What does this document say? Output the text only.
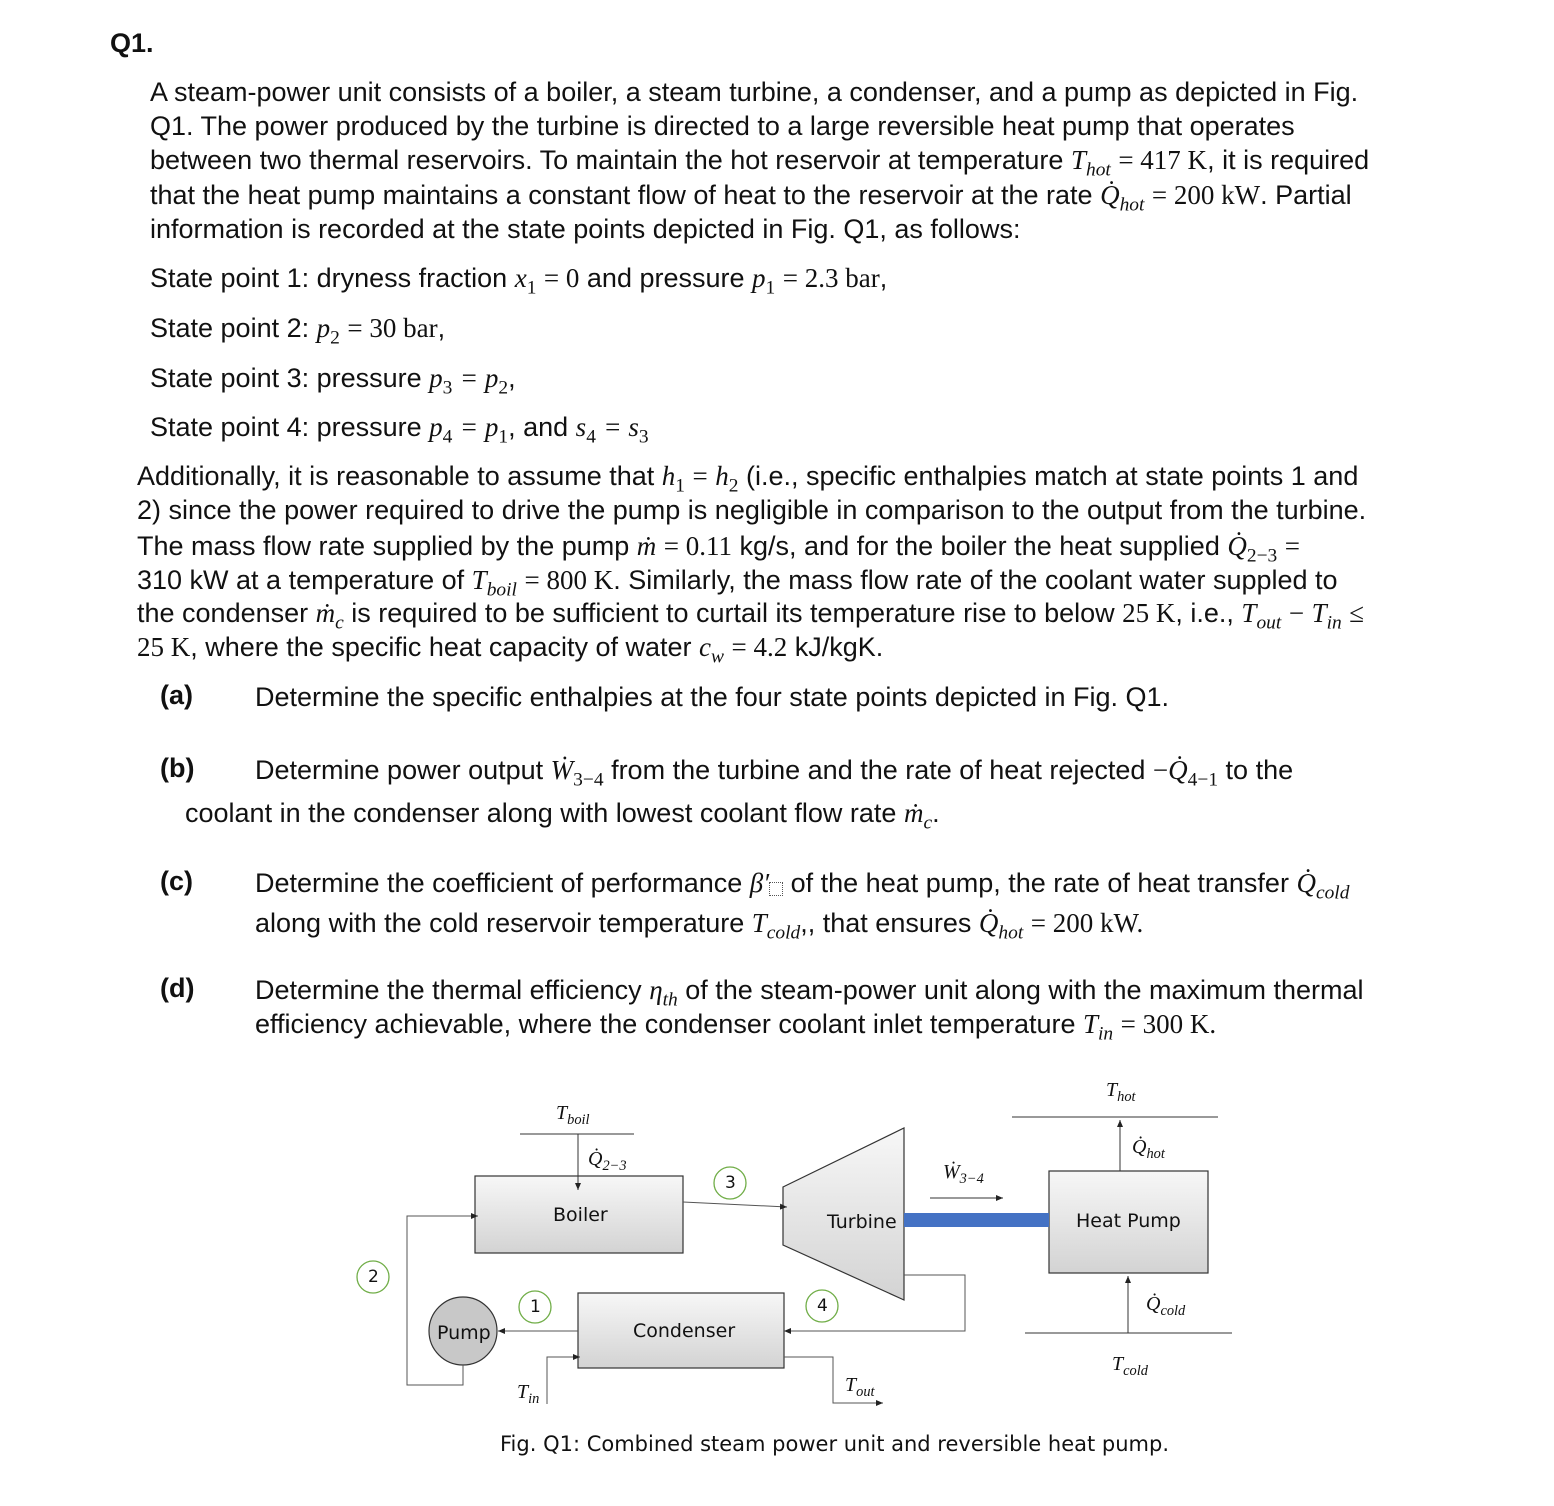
Q1.
A steam-power unit consists of a boiler, a steam turbine, a condenser, and a pump as depicted in Fig.
Q1. The power produced by the turbine is directed to a large reversible heat pump that operates
between two thermal reservoirs. To maintain the hot reservoir at temperature $T_{hot} = 417$ K, it is required
that the heat pump maintains a constant flow of heat to the reservoir at the rate $Q̇_{hot} = 200$ kW. Partial
information is recorded at the state points depicted in Fig. Q1, as follows:
State point 1: dryness fraction $x_1 = 0$ and pressure $p_1 = 2.3$ bar,
State point 2: $p_2 = 30$ bar,
State point 3: pressure $p_3 = p_2$,
State point 4: pressure $p_4 = p_1$, and $s_4 = s_3$
Additionally, it is reasonable to assume that $h_1 = h_2$ (i.e., specific enthalpies match at state points 1 and
2) since the power required to drive the pump is negligible in comparison to the output from the turbine.
The mass flow rate supplied by the pump ṁ = 0.11 kg/s, and for the boiler the heat supplied $Q̇_{2-3}$ =
310 kW at a temperature of $T_{boil} = 800$ K. Similarly, the mass flow rate of the coolant water suppled to
the condenser ṁ$_c$ is required to be sufficient to curtail its temperature rise to below 25 K, i.e., $T_{out} - T_{in}$ ≤
25 K, where the specific heat capacity of water $c_w = 4.2$ kJ/kgK.
(a) Determine the specific enthalpies at the four state points depicted in Fig. Q1.
(b) Determine power output Ẇ$_{3-4}$ from the turbine and the rate of heat rejected $-Q̇_{4-1}$ to the
coolant in the condenser along with lowest coolant flow rate ṁ$_c$.
(c) Determine the coefficient of performance β′ of the heat pump, the rate of heat transfer $Q̇_{cold}$
along with the cold reservoir temperature $T_{cold}$,, that ensures $Q̇_{hot} = 200$ kW.
(d) Determine the thermal efficiency $\eta_{th}$ of the steam-power unit along with the maximum thermal
efficiency achievable, where the condenser coolant inlet temperature $T_{in} = 300$ K.
Boiler	Turbine	Heat Pump
Condenser
Pump
1
2
3
4
$T_{boil}$
$Q̇_{2-3}$	Ẇ$_{3-4}$
$T_{hot}$
$Q̇_{hot}$
$Q̇_{cold}$
$T_{cold}$
$T_{in}$
$T_{out}$
Fig. Q1: Combined steam power unit and reversible heat pump.
